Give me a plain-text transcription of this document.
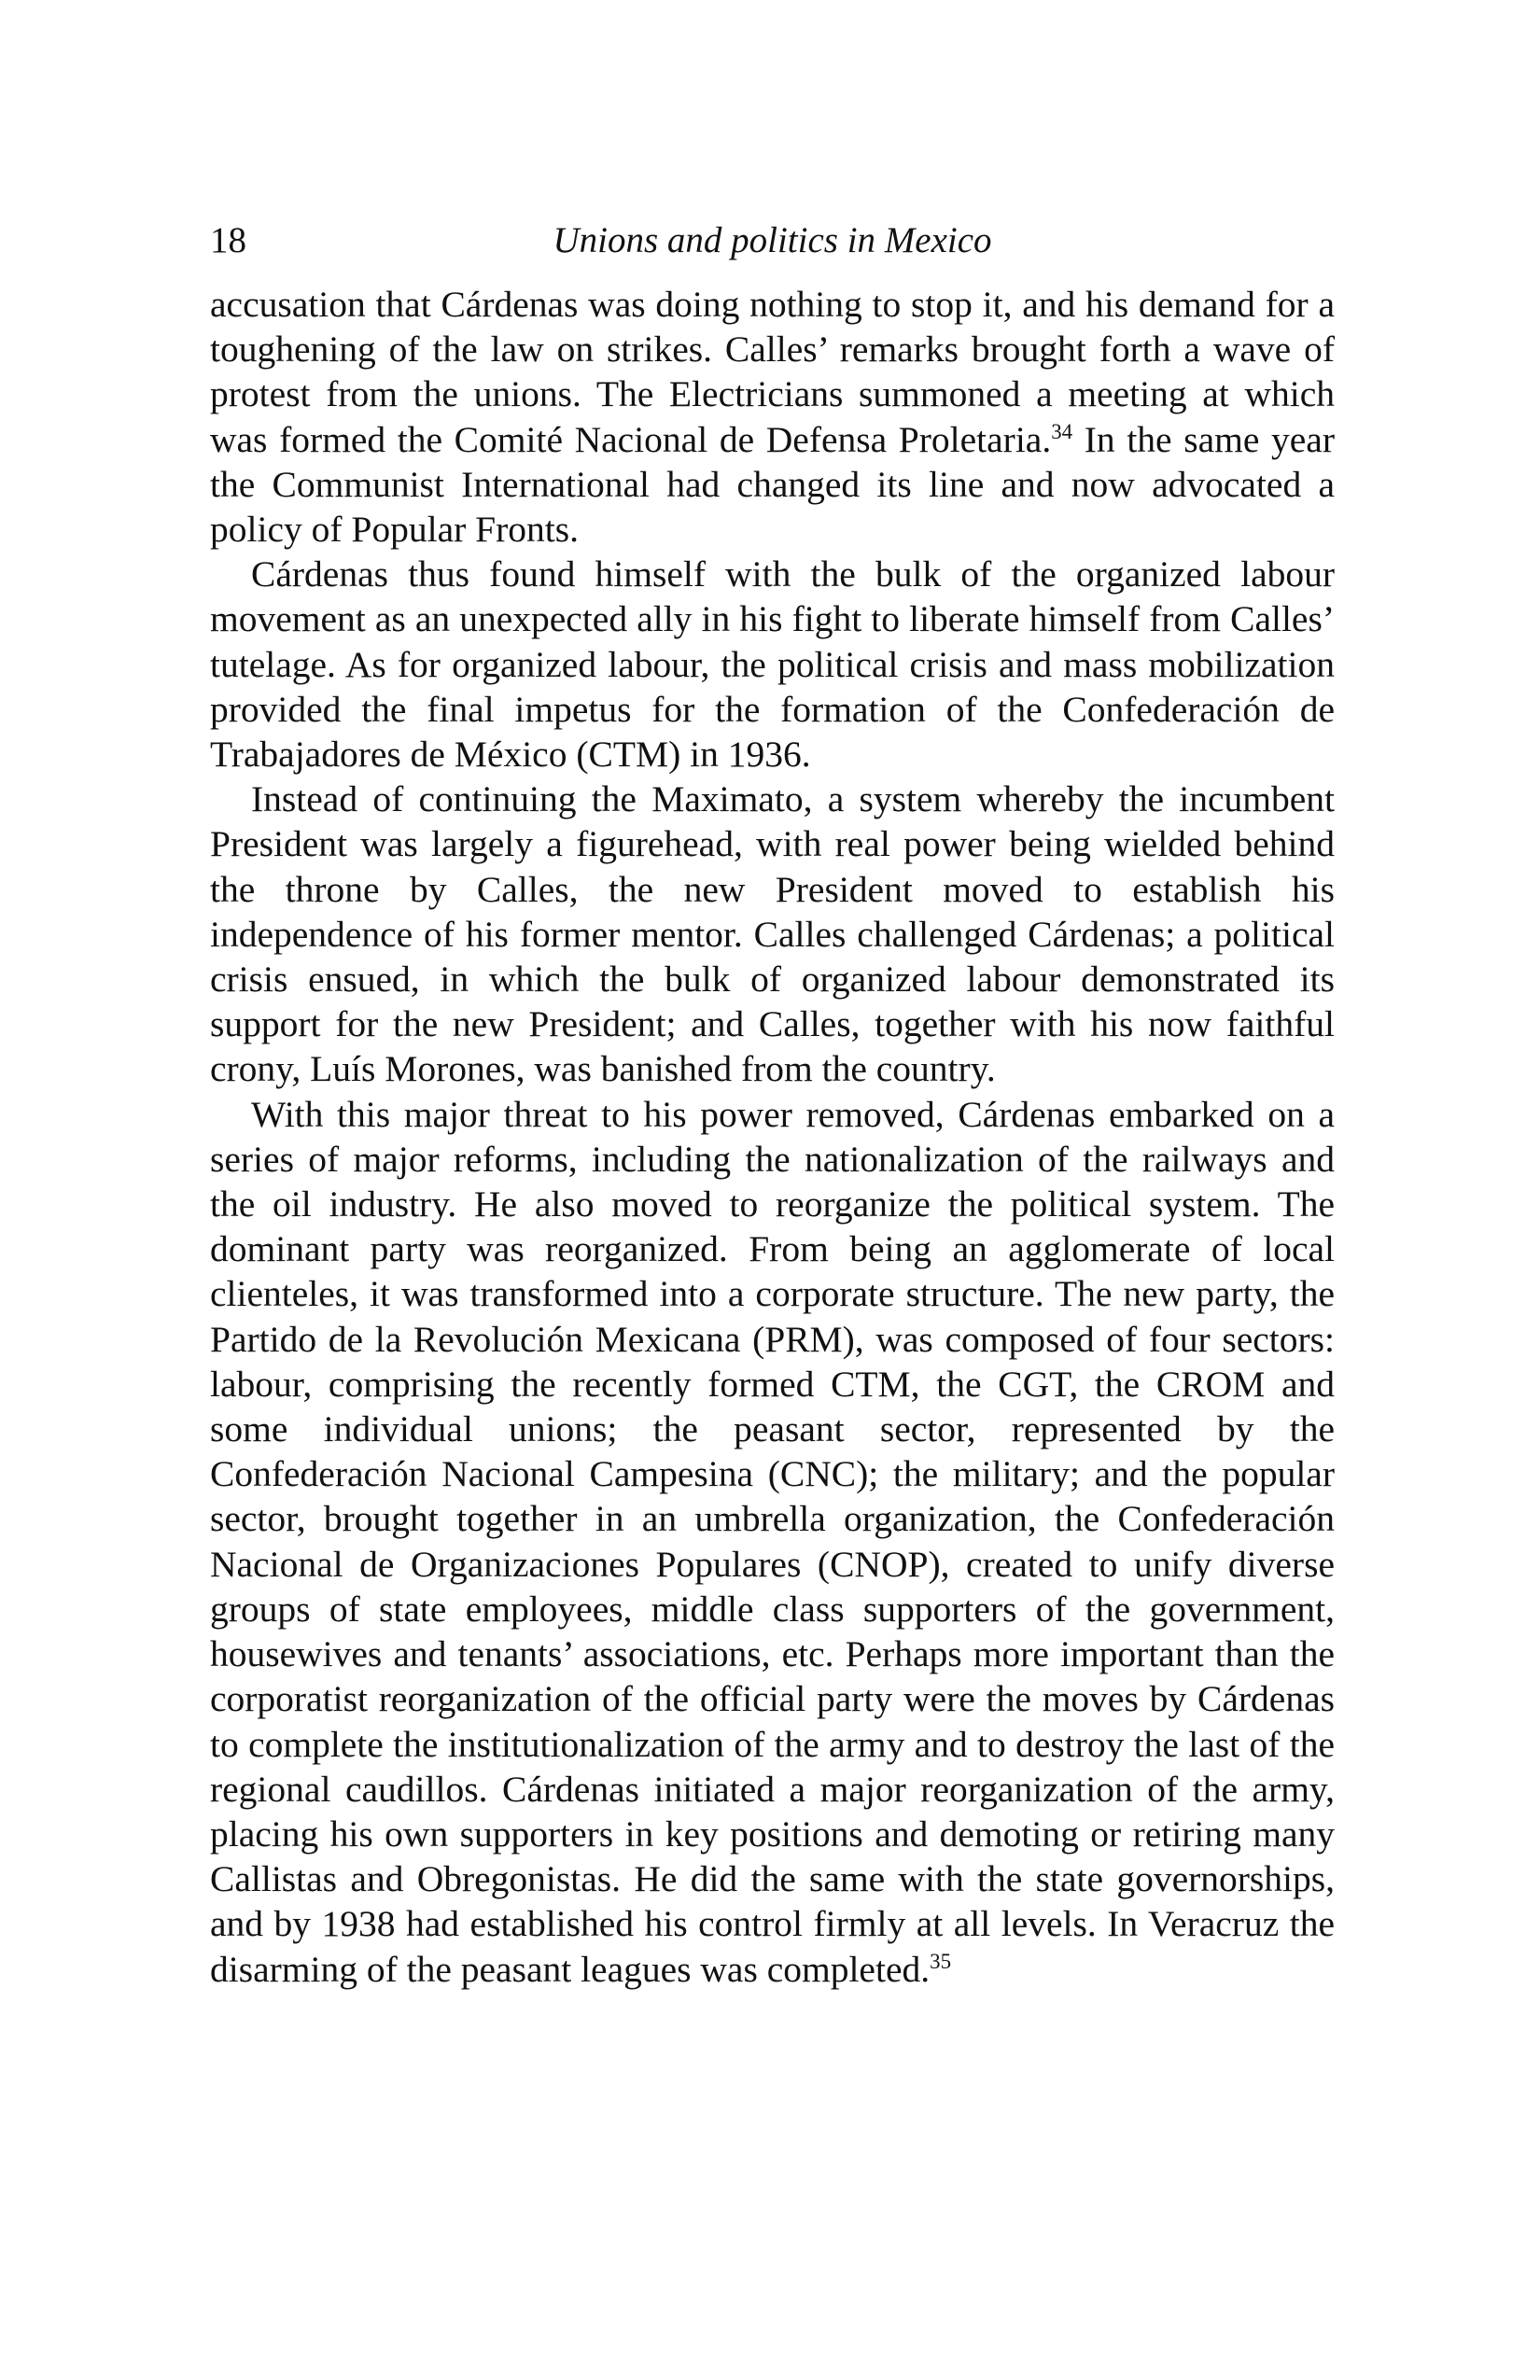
18	Unions and politics in Mexico

accusation that Cárdenas was doing nothing to stop it, and his demand for a toughening of the law on strikes. Calles’ remarks brought forth a wave of protest from the unions. The Electricians summoned a meeting at which was formed the Comité Nacional de Defensa Proletaria.$^{34}$ In the same year the Communist International had changed its line and now advocated a policy of Popular Fronts.

Cárdenas thus found himself with the bulk of the organized labour movement as an unexpected ally in his fight to liberate himself from Calles’ tutelage. As for organized labour, the political crisis and mass mobilization provided the final impetus for the formation of the Confederación de Trabajadores de México (CTM) in 1936.

Instead of continuing the Maximato, a system whereby the incumbent President was largely a figurehead, with real power being wielded behind the throne by Calles, the new President moved to establish his independence of his former mentor. Calles challenged Cárdenas; a political crisis ensued, in which the bulk of organized labour demonstrated its support for the new President; and Calles, together with his now faithful crony, Luís Morones, was banished from the country.

With this major threat to his power removed, Cárdenas embarked on a series of major reforms, including the nationalization of the railways and the oil industry. He also moved to reorganize the political system. The dominant party was reorganized. From being an agglomerate of local clienteles, it was transformed into a corporate structure. The new party, the Partido de la Revolución Mexicana (PRM), was composed of four sectors: labour, comprising the recently formed CTM, the CGT, the CROM and some individual unions; the peasant sector, represented by the Confederación Nacional Campesina (CNC); the military; and the popular sector, brought together in an umbrella organization, the Confederación Nacional de Organizaciones Populares (CNOP), created to unify diverse groups of state employees, middle class supporters of the government, housewives and tenants’ associations, etc. Perhaps more important than the corporatist reorganization of the official party were the moves by Cárdenas to complete the institutionalization of the army and to destroy the last of the regional caudillos. Cárdenas initiated a major reorganization of the army, placing his own supporters in key positions and demoting or retiring many Callistas and Obregonistas. He did the same with the state governorships, and by 1938 had established his control firmly at all levels. In Veracruz the disarming of the peasant leagues was completed.$^{35}$
